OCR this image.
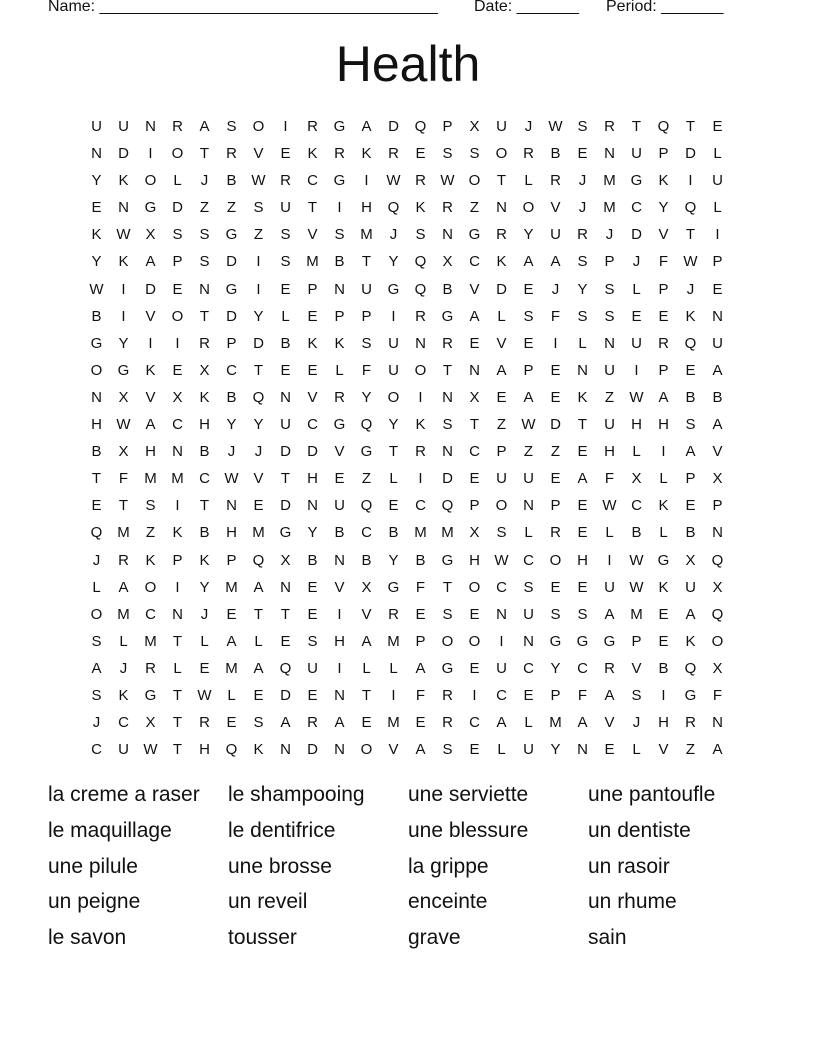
Name: ______________________________________ Date: _______ Period: _______
Health
U	U	N	R	A	S	O	I	R	G	A	D	Q	P	X	U	J	W S	R	T	Q	T	E
N	D	I	O	T	R	V	E	K	R	K	R	E	S	S	O	R	B	E	N	U	P	D	L
Y	K	O	L	J	B W R	C	G	I	W R W O	T	L	R	J	M G	K	I	U
E	N	G	D	Z	Z	S	U	T	I	H	Q	K	R	Z	N	O	V	J	M	C	Y	Q	L
K W X	S	S	G	Z	S	V	S	M	J	S	N	G	R	Y	U	R	J	D	V	T	I
Y	K	A	P	S	D	I	S	M	B	T	Y	Q	X	C	K	A	A	S	P	J	F	W P
W	I	D	E	N	G	I	E	P	N	U	G	Q	B	V	D	E	J	Y	S	L	P	J	E
B	I	V	O	T	D	Y	L	E	P	P	I	R	G	A	L	S	F	S	S	E	E	K	N
G	Y	I	I	R	P	D	B	K	K	S	U	N	R	E	V	E	I	L	N	U	R	Q	U
O	G	K	E	X	C	T	E	E	L	F	U	O	T	N	A	P	E	N	U	I	P	E	A
N	X	V	X	K	B	Q	N	V	R	Y	O	I	N	X	E	A	E	K	Z	W A	B	B
H W A	C	H	Y	Y	U	C	G	Q	Y	K	S	T	Z	W D	T	U	H	H	S	A
B	X	H	N	B	J	J	D	D	V	G	T	R	N	C	P	Z	Z	E	H	L	I	A	V
T	F	M M	C W V	T	H	E	Z	L	I	D	E	U	U	E	A	F	X	L	P	X
E	T	S	I	T	N	E	D	N	U	Q	E	C	Q	P	O	N	P	E W C	K	E	P
Q M	Z	K	B	H	M G	Y	B	C	B	M M	X	S	L	R	E	L	B	L	B	N
J	R	K	P	K	P	Q	X	B	N	B	Y	B	G	H W C	O	H	I	W G	X	Q
L	A	O	I	Y	M	A	N	E	V	X	G	F	T	O	C	S	E	E	U W K	U	X
O M	C	N	J	E	T	T	E	I	V	R	E	S	E	N	U	S	S	A	M	E	A	Q
S	L	M	T	L	A	L	E	S	H	A	M	P	O	O	I	N	G	G	G	P	E	K	O
A	J	R	L	E	M	A	Q	U	I	L	L	A	G	E	U	C	Y	C	R	V	B	Q	X
S	K	G	T	W	L	E	D	E	N	T	I	F	R	I	C	E	P	F	A	S	I	G	F
J	C	X	T	R	E	S	A	R	A	E	M	E	R	C	A	L	M	A	V	J	H	R	N
C	U W	T	H	Q	K	N	D	N	O	V	A	S	E	L	U	Y	N	E	L	V	Z	A
la creme a raser	le shampooing	une serviette	une pantoufle
le maquillage	le dentifrice	une blessure	un dentiste
une pilule	une brosse	la grippe	un rasoir
un peigne	un reveil	enceinte	un rhume
le savon	tousser	grave	sain
